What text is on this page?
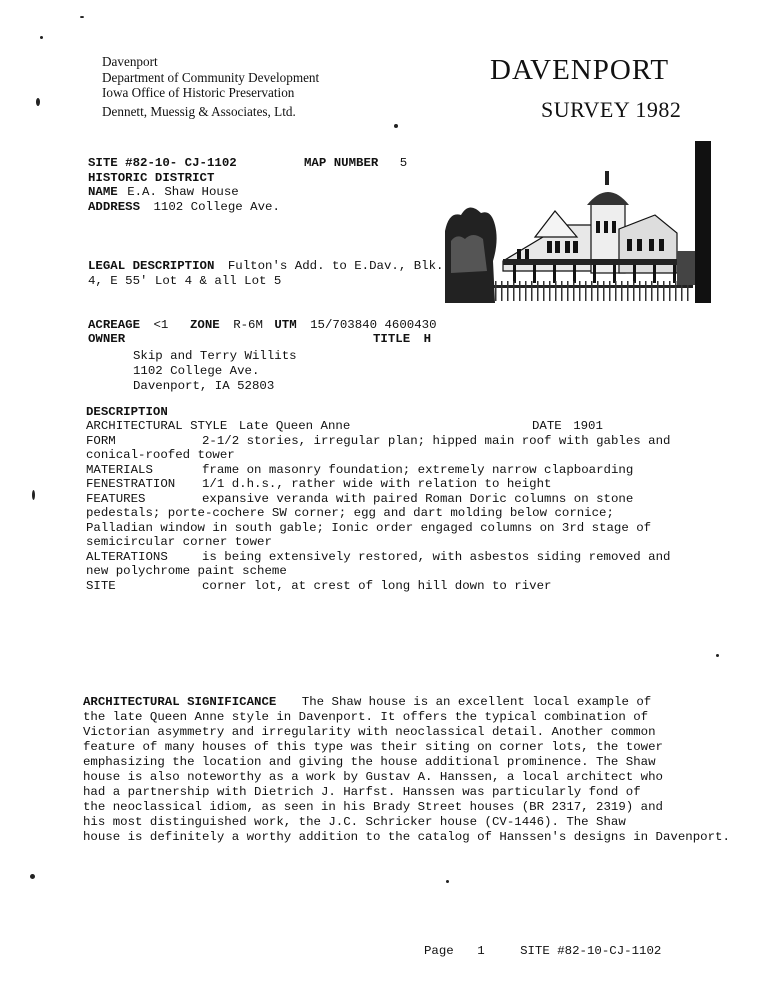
Davenport
Department of Community Development
Iowa Office of Historic Preservation
Dennett, Muessig & Associates, Ltd.
DAVENPORT
SURVEY 1982
SITE #82-10- CJ-1102	MAP NUMBER 5
HISTORIC DISTRICT
NAME E.A. Shaw House
ADDRESS 1102 College Ave.
LEGAL DESCRIPTION Fulton's Add. to E.Dav., Blk.
4, E 55' Lot 4 & all Lot 5
ACREAGE <1 ZONE R-6M UTM 15/703840 4600430
OWNER	TITLE H
Skip and Terry Willits
1102 College Ave.
Davenport, IA 52803
DESCRIPTION
ARCHITECTURAL STYLE Late Queen Anne	DATE 1901
FORM	2-1/2 stories, irregular plan; hipped main roof with gables and
conical-roofed tower
MATERIALS	frame on masonry foundation; extremely narrow clapboarding
FENESTRATION 1/1 d.h.s., rather wide with relation to height
FEATURES	expansive veranda with paired Roman Doric columns on stone
pedestals; porte-cochere SW corner; egg and dart molding below cornice;
Palladian window in south gable; Ionic order engaged columns on 3rd stage of
semicircular corner tower
ALTERATIONS	is being extensively restored, with asbestos siding removed and
new polychrome paint scheme
SITE	corner lot, at crest of long hill down to river
ARCHITECTURAL SIGNIFICANCE The Shaw house is an excellent local example of
the late Queen Anne style in Davenport. It offers the typical combination of
Victorian asymmetry and irregularity with neoclassical detail. Another common
feature of many houses of this type was their siting on corner lots, the tower
emphasizing the location and giving the house additional prominence. The Shaw
house is also noteworthy as a work by Gustav A. Hanssen, a local architect who
had a partnership with Dietrich J. Harfst. Hanssen was particularly fond of
the neoclassical idiom, as seen in his Brady Street houses (BR 2317, 2319) and
his most distinguished work, the J.C. Schricker house (CV-1446). The Shaw
house is definitely a worthy addition to the catalog of Hanssen's designs in Davenport.
Page 1	SITE #82-10-CJ-1102
